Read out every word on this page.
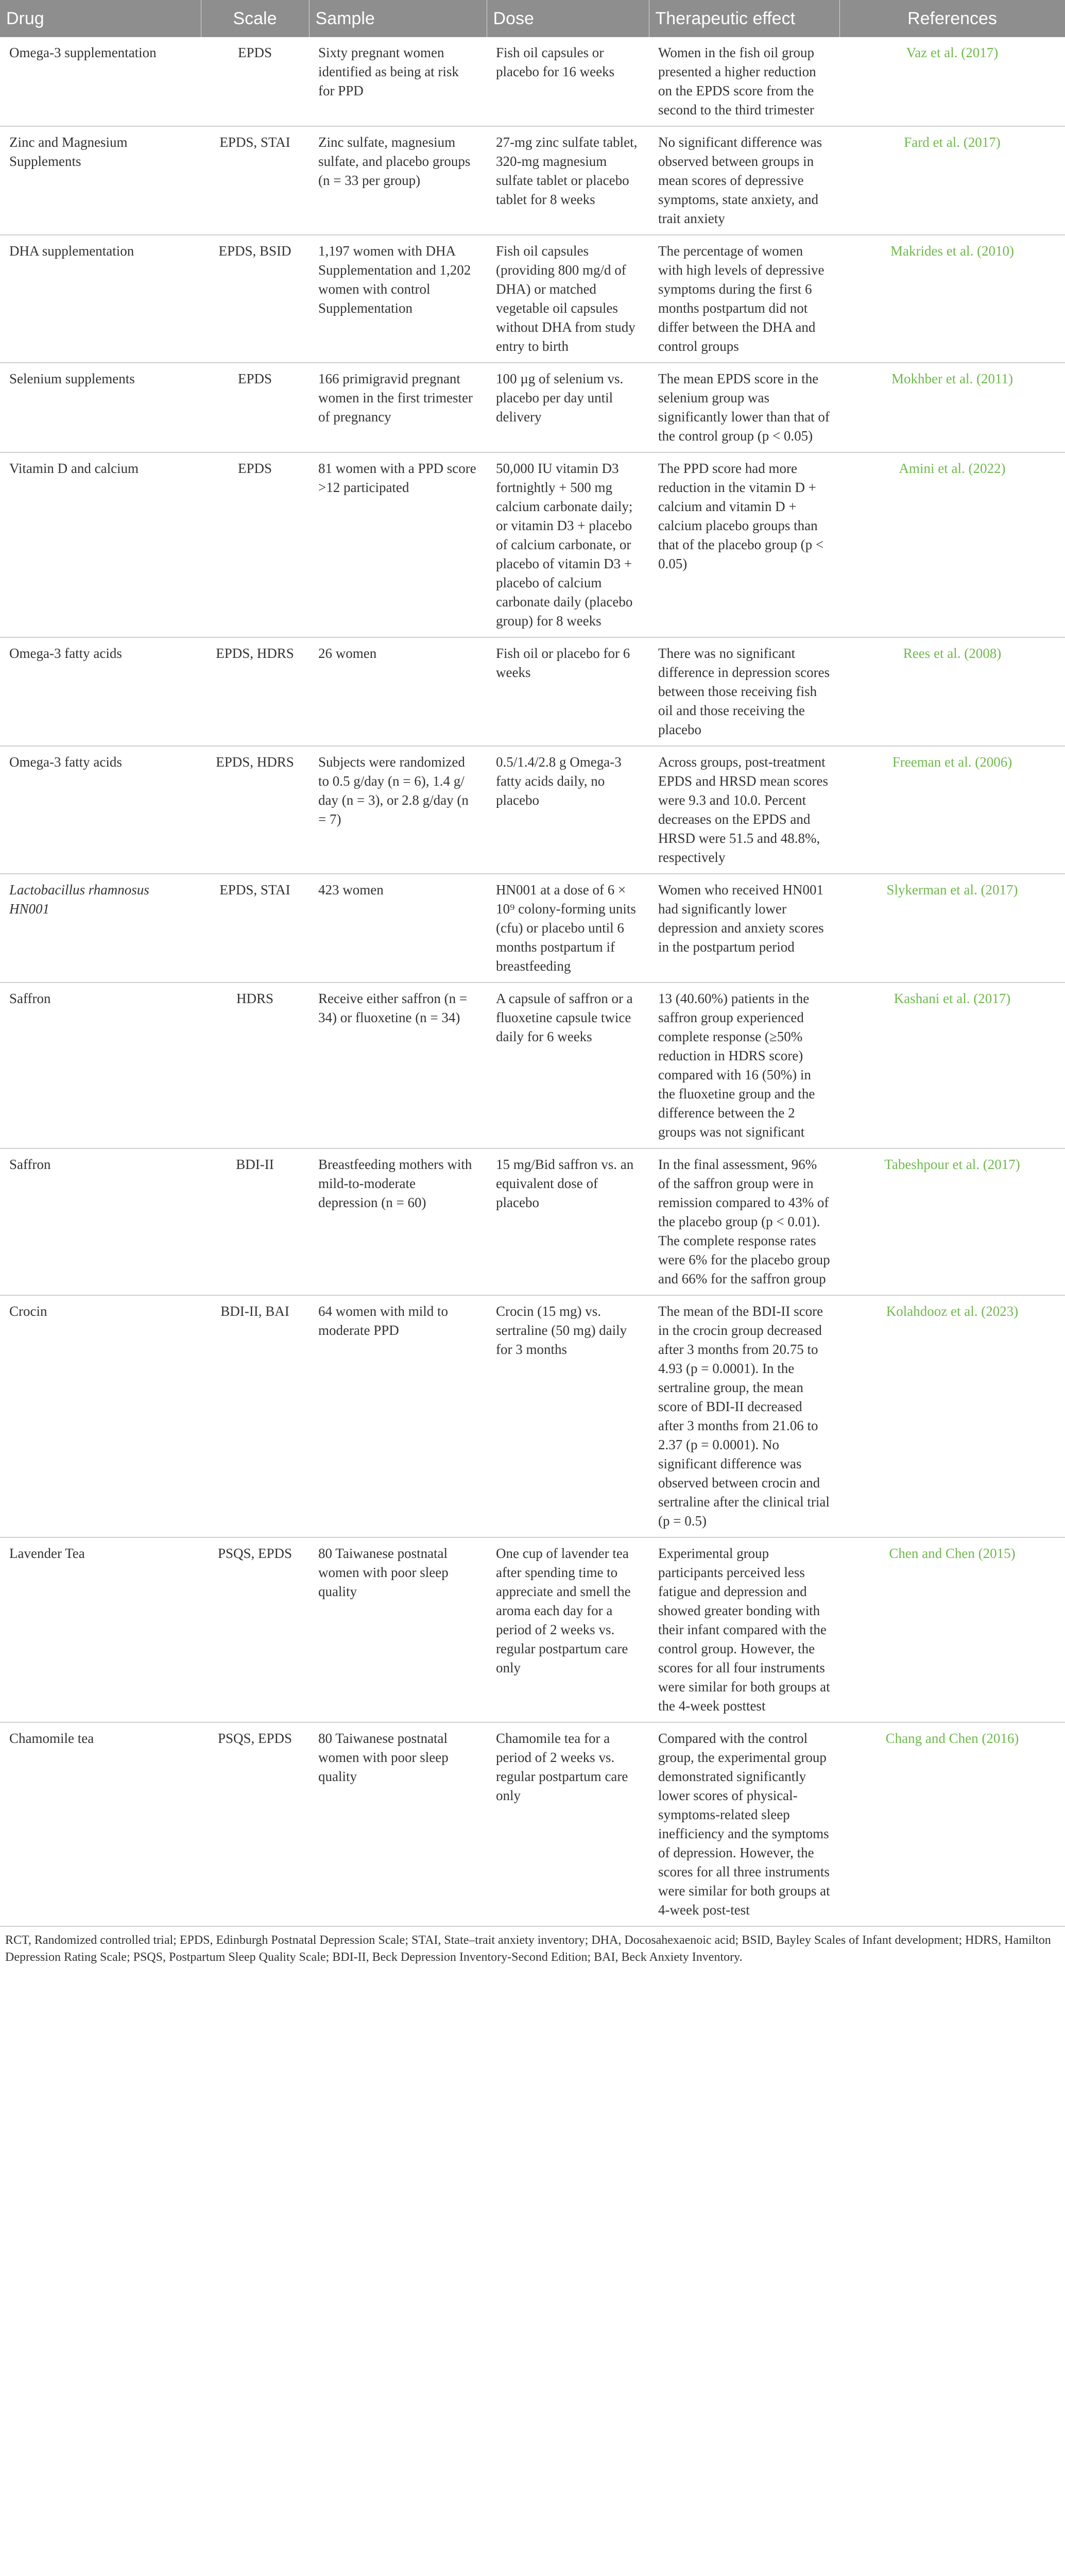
Drug	Scale	Sample	Dose	Therapeutic effect	References
Omega-3 supplementation	EPDS	Sixty pregnant women identified as being at risk for PPD	Fish oil capsules or placebo for 16 weeks	Women in the fish oil group presented a higher reduction on the EPDS score from the second to the third trimester	Vaz et al. (2017)
Zinc and Magnesium Supplements	EPDS, STAI	Zinc sulfate, magnesium sulfate, and placebo groups (n = 33 per group)	27-mg zinc sulfate tablet, 320-mg magnesium sulfate tablet or placebo tablet for 8 weeks	No significant difference was observed between groups in mean scores of depressive symptoms, state anxiety, and trait anxiety	Fard et al. (2017)
DHA supplementation	EPDS, BSID	1,197 women with DHA Supplementation and 1,202 women with control Supplementation	Fish oil capsules (providing 800 mg/d of DHA) or matched vegetable oil capsules without DHA from study entry to birth	The percentage of women with high levels of depressive symptoms during the first 6 months postpartum did not differ between the DHA and control groups	Makrides et al. (2010)
Selenium supplements	EPDS	166 primigravid pregnant women in the first trimester of pregnancy	100 µg of selenium vs. placebo per day until delivery	The mean EPDS score in the selenium group was significantly lower than that of the control group (p < 0.05)	Mokhber et al. (2011)
Vitamin D and calcium	EPDS	81 women with a PPD score >12 participated	50,000 IU vitamin D3 fortnightly + 500 mg calcium carbonate daily; or vitamin D3 + placebo of calcium carbonate, or placebo of vitamin D3 + placebo of calcium carbonate daily (placebo group) for 8 weeks	The PPD score had more reduction in the vitamin D + calcium and vitamin D + calcium placebo groups than that of the placebo group (p < 0.05)	Amini et al. (2022)
Omega-3 fatty acids	EPDS, HDRS	26 women	Fish oil or placebo for 6 weeks	There was no significant difference in depression scores between those receiving fish oil and those receiving the placebo	Rees et al. (2008)
Omega-3 fatty acids	EPDS, HDRS	Subjects were randomized to 0.5 g/day (n = 6), 1.4 g/ day (n = 3), or 2.8 g/day (n = 7)	0.5/1.4/2.8 g Omega-3 fatty acids daily, no placebo	Across groups, post-treatment EPDS and HRSD mean scores were 9.3 and 10.0. Percent decreases on the EPDS and HRSD were 51.5 and 48.8%, respectively	Freeman et al. (2006)
Lactobacillus rhamnosus HN001	EPDS, STAI	423 women	HN001 at a dose of 6 × 10⁹ colony-forming units (cfu) or placebo until 6 months postpartum if breastfeeding	Women who received HN001 had significantly lower depression and anxiety scores in the postpartum period	Slykerman et al. (2017)
Saffron	HDRS	Receive either saffron (n = 34) or fluoxetine (n = 34)	A capsule of saffron or a fluoxetine capsule twice daily for 6 weeks	13 (40.60%) patients in the saffron group experienced complete response (≥50% reduction in HDRS score) compared with 16 (50%) in the fluoxetine group and the difference between the 2 groups was not significant	Kashani et al. (2017)
Saffron	BDI-II	Breastfeeding mothers with mild-to-moderate depression (n = 60)	15 mg/Bid saffron vs. an equivalent dose of placebo	In the final assessment, 96% of the saffron group were in remission compared to 43% of the placebo group (p < 0.01). The complete response rates were 6% for the placebo group and 66% for the saffron group	Tabeshpour et al. (2017)
Crocin	BDI-II, BAI	64 women with mild to moderate PPD	Crocin (15 mg) vs. sertraline (50 mg) daily for 3 months	The mean of the BDI-II score in the crocin group decreased after 3 months from 20.75 to 4.93 (p = 0.0001). In the sertraline group, the mean score of BDI-II decreased after 3 months from 21.06 to 2.37 (p = 0.0001). No significant difference was observed between crocin and sertraline after the clinical trial (p = 0.5)	Kolahdooz et al. (2023)
Lavender Tea	PSQS, EPDS	80 Taiwanese postnatal women with poor sleep quality	One cup of lavender tea after spending time to appreciate and smell the aroma each day for a period of 2 weeks vs. regular postpartum care only	Experimental group participants perceived less fatigue and depression and showed greater bonding with their infant compared with the control group. However, the scores for all four instruments were similar for both groups at the 4-week posttest	Chen and Chen (2015)
Chamomile tea	PSQS, EPDS	80 Taiwanese postnatal women with poor sleep quality	Chamomile tea for a period of 2 weeks vs. regular postpartum care only	Compared with the control group, the experimental group demonstrated significantly lower scores of physical-symptoms-related sleep inefficiency and the symptoms of depression. However, the scores for all three instruments were similar for both groups at 4-week post-test	Chang and Chen (2016)
RCT, Randomized controlled trial; EPDS, Edinburgh Postnatal Depression Scale; STAI, State–trait anxiety inventory; DHA, Docosahexaenoic acid; BSID, Bayley Scales of Infant development; HDRS, Hamilton Depression Rating Scale; PSQS, Postpartum Sleep Quality Scale; BDI-II, Beck Depression Inventory-Second Edition; BAI, Beck Anxiety Inventory.
